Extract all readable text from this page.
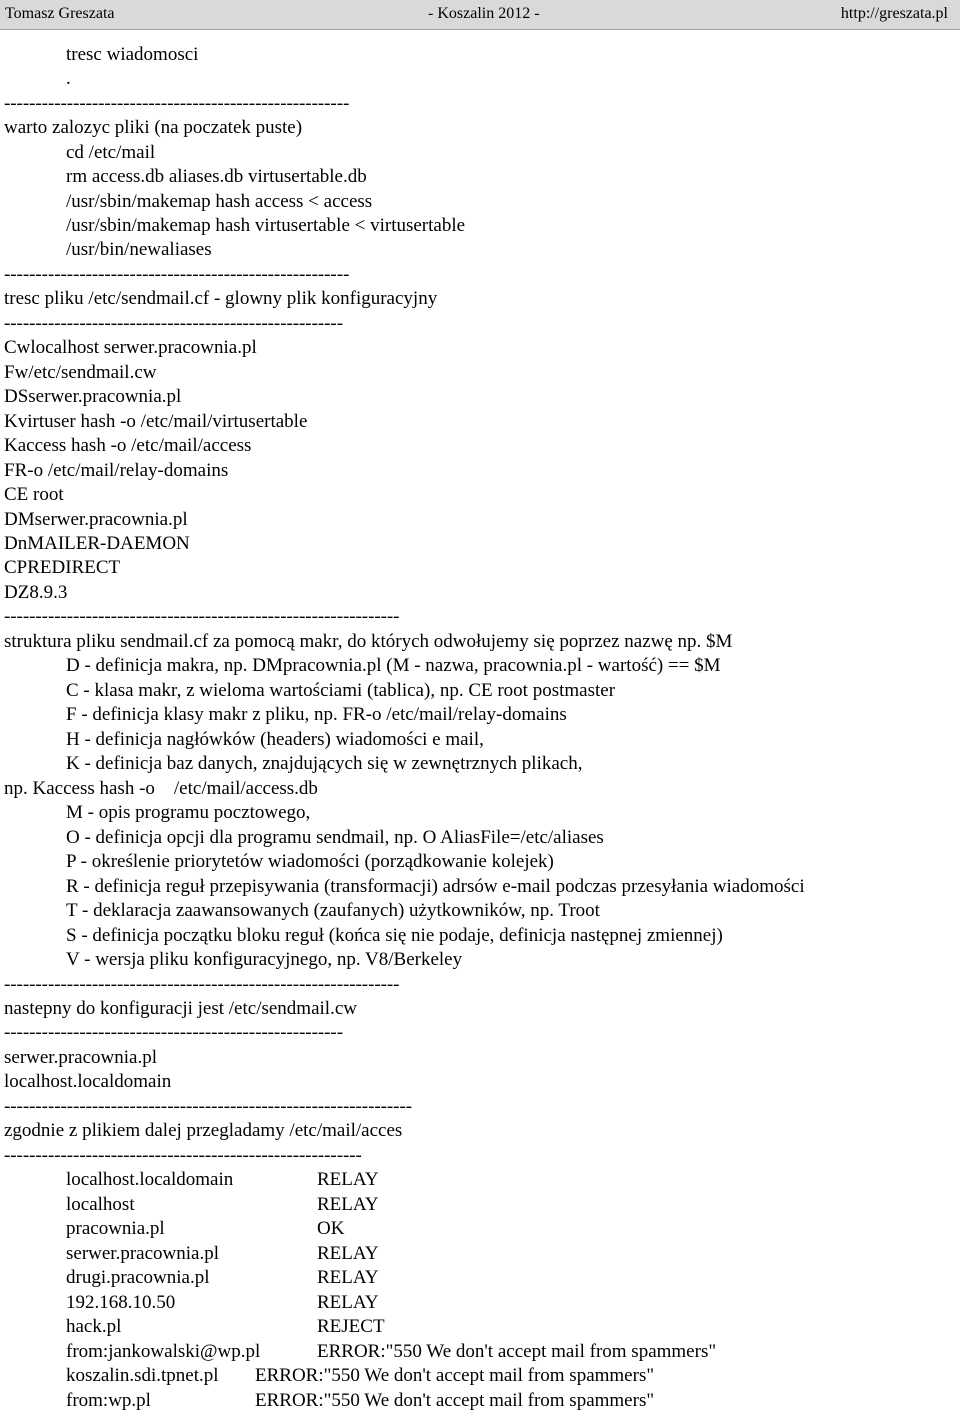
Tomasz Greszata	- Koszalin 2012 -	http://greszata.pl
tresc wiadomosci
.
-------------------------------------------------------
warto zalozyc pliki (na poczatek puste)
cd /etc/mail
rm access.db aliases.db virtusertable.db
/usr/sbin/makemap hash access < access
/usr/sbin/makemap hash virtusertable < virtusertable
/usr/bin/newaliases
-------------------------------------------------------
tresc pliku /etc/sendmail.cf - glowny plik konfiguracyjny
------------------------------------------------------
Cwlocalhost serwer.pracownia.pl
Fw/etc/sendmail.cw
DSserwer.pracownia.pl
Kvirtuser hash -o /etc/mail/virtusertable
Kaccess hash -o /etc/mail/access
FR-o /etc/mail/relay-domains
CE root
DMserwer.pracownia.pl
DnMAILER-DAEMON
CPREDIRECT
DZ8.9.3
---------------------------------------------------------------
struktura pliku sendmail.cf za pomocą makr, do których odwołujemy się poprzez nazwę np. $M
D - definicja makra, np. DMpracownia.pl (M - nazwa, pracownia.pl - wartość) == $M
C - klasa makr, z wieloma wartościami (tablica), np. CE root postmaster
F - definicja klasy makr z pliku, np. FR-o /etc/mail/relay-domains
H - definicja nagłówków (headers) wiadomości e mail,
K - definicja baz danych, znajdujących się w zewnętrznych plikach,
np. Kaccess hash -o    /etc/mail/access.db
M - opis programu pocztowego,
O - definicja opcji dla programu sendmail, np. O AliasFile=/etc/aliases
P - określenie priorytetów wiadomości (porządkowanie kolejek)
R - definicja reguł przepisywania (transformacji) adrsów e-mail podczas przesyłania wiadomości
T - deklaracja zaawansowanych (zaufanych) użytkowników, np. Troot
S - definicja początku bloku reguł (końca się nie podaje, definicja następnej zmiennej)
V - wersja pliku konfiguracyjnego, np. V8/Berkeley
---------------------------------------------------------------
nastepny do konfiguracji jest /etc/sendmail.cw
------------------------------------------------------
serwer.pracownia.pl
localhost.localdomain
-----------------------------------------------------------------
zgodnie z plikiem dalej przegladamy /etc/mail/acces
---------------------------------------------------------
localhost.localdomain	RELAY
localhost	RELAY
pracownia.pl	OK
serwer.pracownia.pl	RELAY
drugi.pracownia.pl	RELAY
192.168.10.50	RELAY
hack.pl	REJECT
from:jankowalski@wp.pl	ERROR:"550 We don't accept mail from spammers"
koszalin.sdi.tpnet.pl ERROR:"550 We don't accept mail from spammers"
from:wp.pl	ERROR:"550 We don't accept mail from spammers"
